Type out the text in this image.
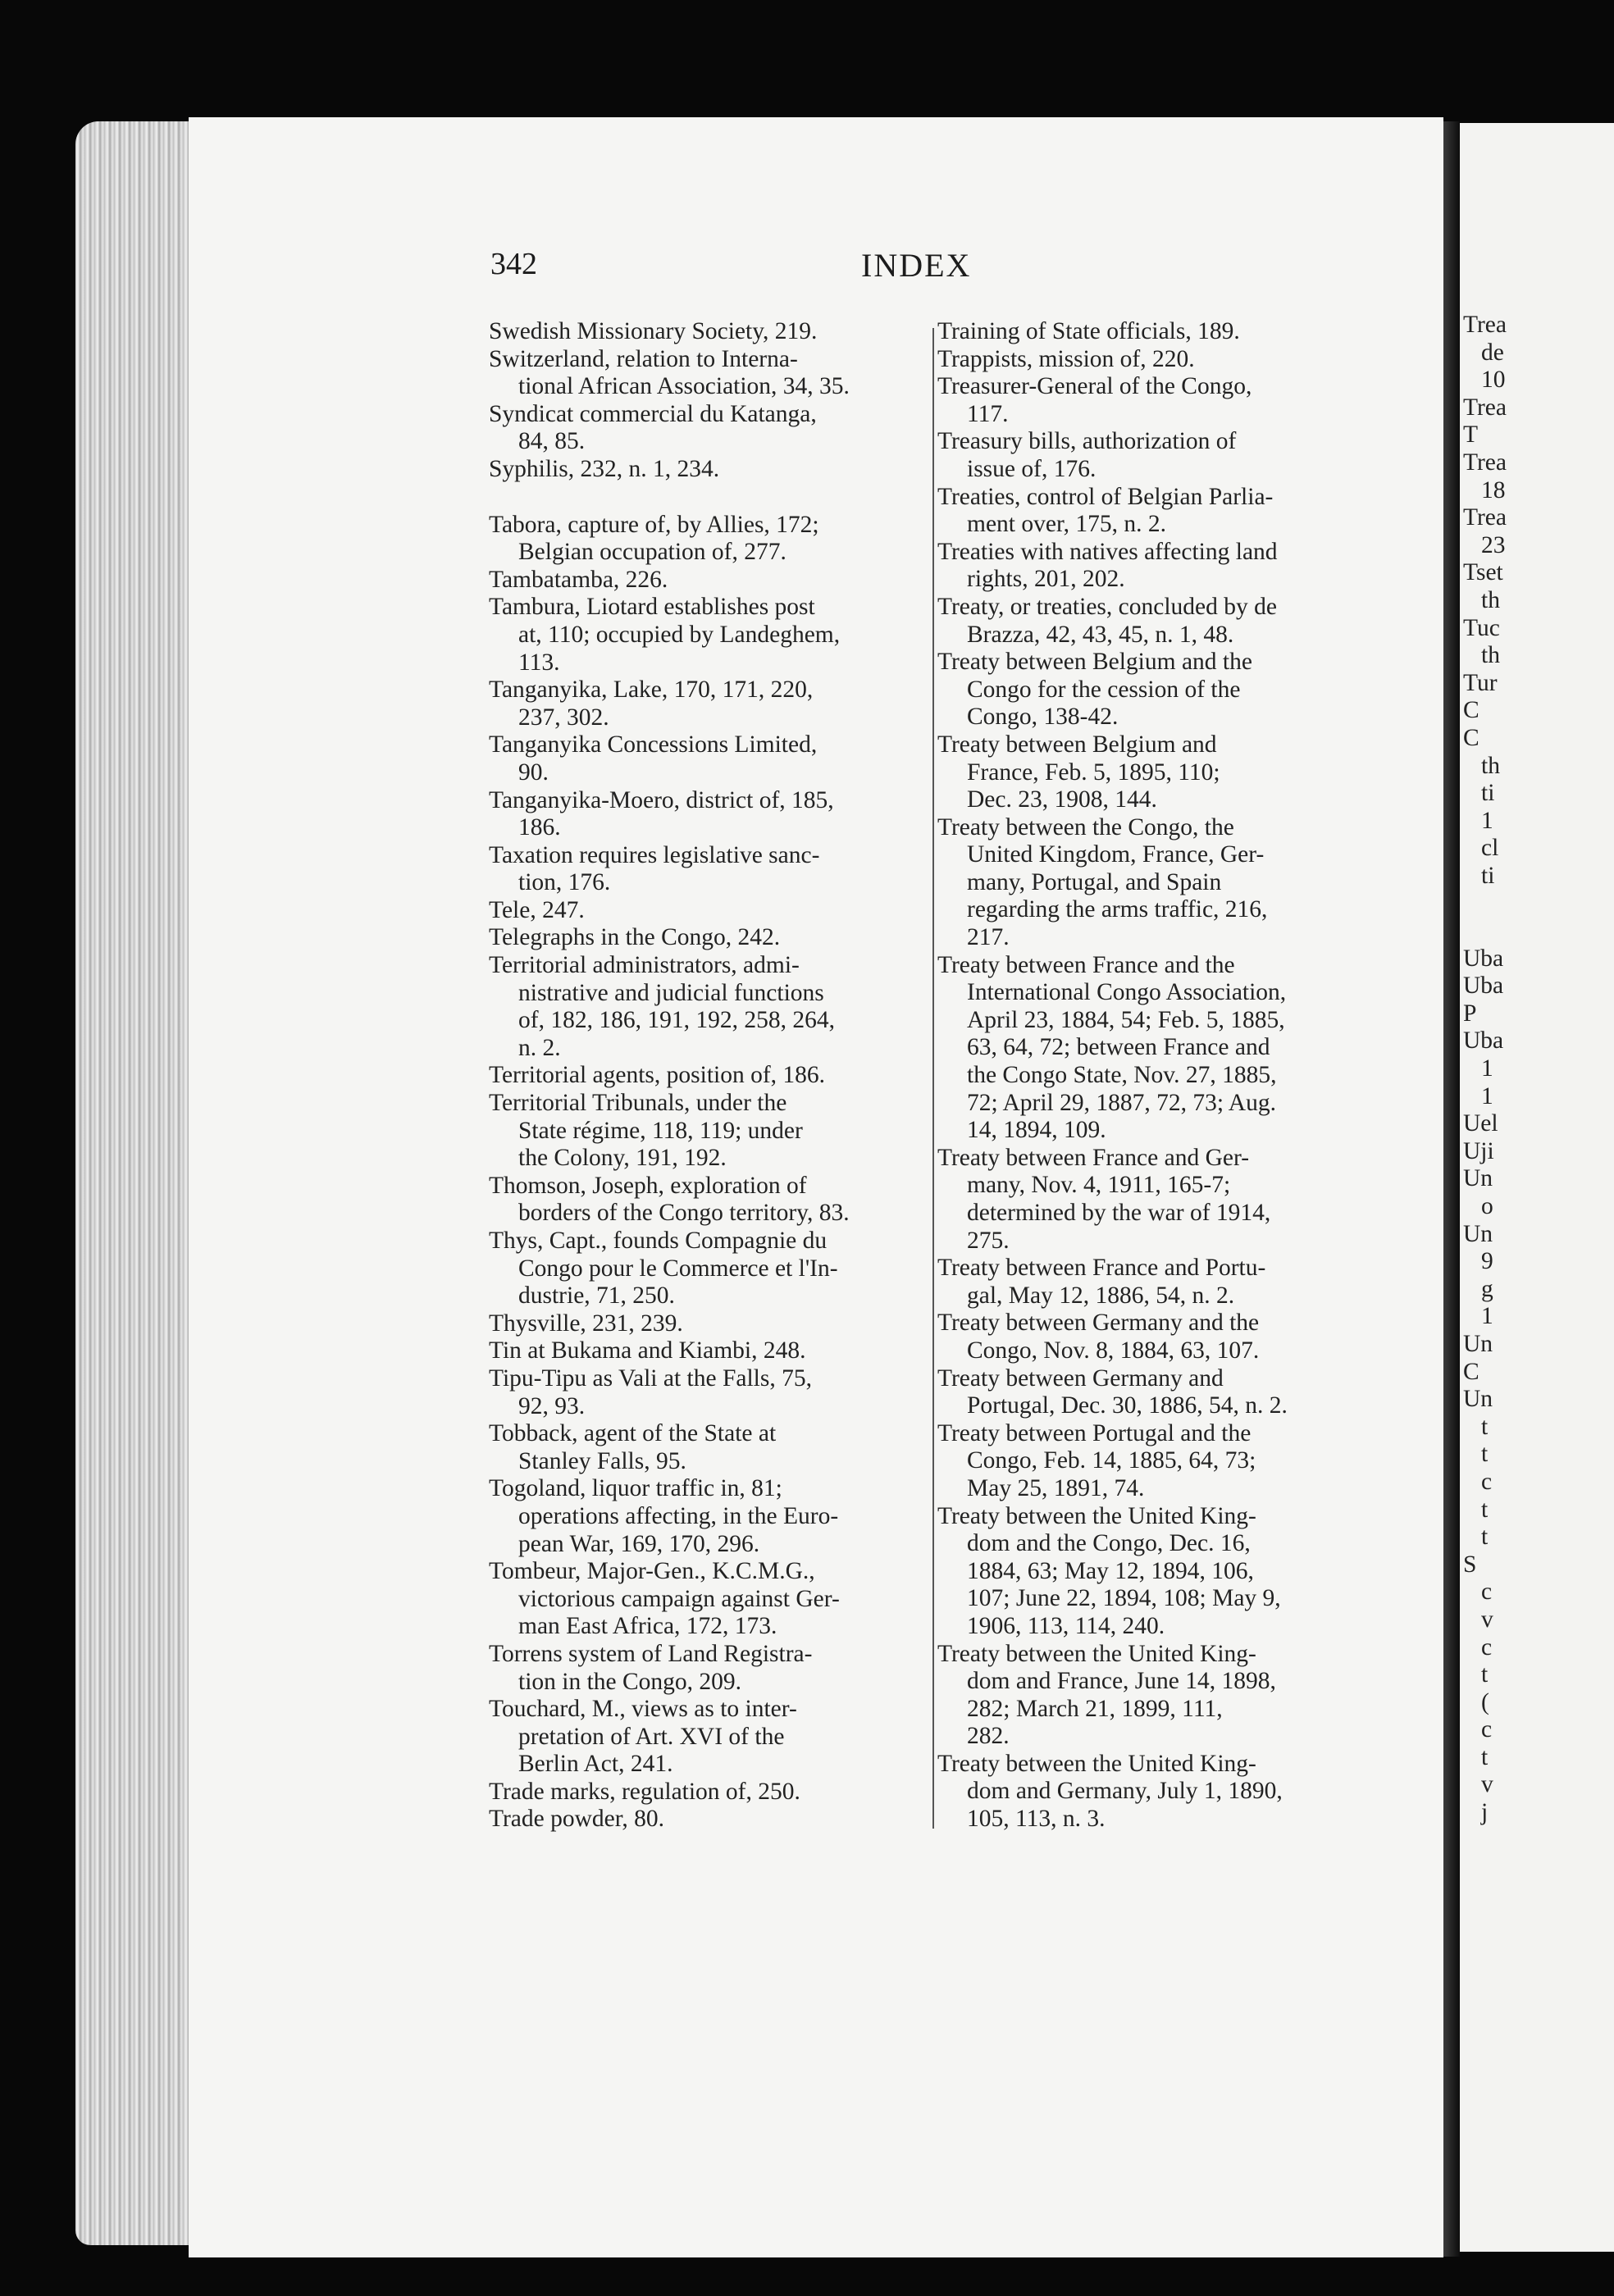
Trea
de
10
Trea
T
Trea
18
Trea
23
Tset
th
Tuc
th
Tur
C
C
th
ti
1
cl
ti
Uba
Uba
P
Uba
1
1
Uel
Uji
Un
o
Un
9
g
1
Un
C
Un
t
t
c
t
t
S
c
v
c
t
(
c
t
v
j
342	INDEX
Swedish Missionary Society, 219.
Switzerland, relation to Interna-
tional African Association, 34, 35.
Syndicat commercial du Katanga,
84, 85.
Syphilis, 232, n. 1, 234.
Tabora, capture of, by Allies, 172;
Belgian occupation of, 277.
Tambatamba, 226.
Tambura, Liotard establishes post
at, 110; occupied by Landeghem,
113.
Tanganyika, Lake, 170, 171, 220,
237, 302.
Tanganyika Concessions Limited,
90.
Tanganyika-Moero, district of, 185,
186.
Taxation requires legislative sanc-
tion, 176.
Tele, 247.
Telegraphs in the Congo, 242.
Territorial administrators, admi-
nistrative and judicial functions
of, 182, 186, 191, 192, 258, 264,
n. 2.
Territorial agents, position of, 186.
Territorial Tribunals, under the
State régime, 118, 119; under
the Colony, 191, 192.
Thomson, Joseph, exploration of
borders of the Congo territory, 83.
Thys, Capt., founds Compagnie du
Congo pour le Commerce et l'In-
dustrie, 71, 250.
Thysville, 231, 239.
Tin at Bukama and Kiambi, 248.
Tipu-Tipu as Vali at the Falls, 75,
92, 93.
Tobback, agent of the State at
Stanley Falls, 95.
Togoland, liquor traffic in, 81;
operations affecting, in the Euro-
pean War, 169, 170, 296.
Tombeur, Major-Gen., K.C.M.G.,
victorious campaign against Ger-
man East Africa, 172, 173.
Torrens system of Land Registra-
tion in the Congo, 209.
Touchard, M., views as to inter-
pretation of Art. XVI of the
Berlin Act, 241.
Trade marks, regulation of, 250.
Trade powder, 80.
Training of State officials, 189.
Trappists, mission of, 220.
Treasurer-General of the Congo,
117.
Treasury bills, authorization of
issue of, 176.
Treaties, control of Belgian Parlia-
ment over, 175, n. 2.
Treaties with natives affecting land
rights, 201, 202.
Treaty, or treaties, concluded by de
Brazza, 42, 43, 45, n. 1, 48.
Treaty between Belgium and the
Congo for the cession of the
Congo, 138-42.
Treaty between Belgium and
France, Feb. 5, 1895, 110;
Dec. 23, 1908, 144.
Treaty between the Congo, the
United Kingdom, France, Ger-
many, Portugal, and Spain
regarding the arms traffic, 216,
217.
Treaty between France and the
International Congo Association,
April 23, 1884, 54; Feb. 5, 1885,
63, 64, 72; between France and
the Congo State, Nov. 27, 1885,
72; April 29, 1887, 72, 73; Aug.
14, 1894, 109.
Treaty between France and Ger-
many, Nov. 4, 1911, 165-7;
determined by the war of 1914,
275.
Treaty between France and Portu-
gal, May 12, 1886, 54, n. 2.
Treaty between Germany and the
Congo, Nov. 8, 1884, 63, 107.
Treaty between Germany and
Portugal, Dec. 30, 1886, 54, n. 2.
Treaty between Portugal and the
Congo, Feb. 14, 1885, 64, 73;
May 25, 1891, 74.
Treaty between the United King-
dom and the Congo, Dec. 16,
1884, 63; May 12, 1894, 106,
107; June 22, 1894, 108; May 9,
1906, 113, 114, 240.
Treaty between the United King-
dom and France, June 14, 1898,
282; March 21, 1899, 111,
282.
Treaty between the United King-
dom and Germany, July 1, 1890,
105, 113, n. 3.
